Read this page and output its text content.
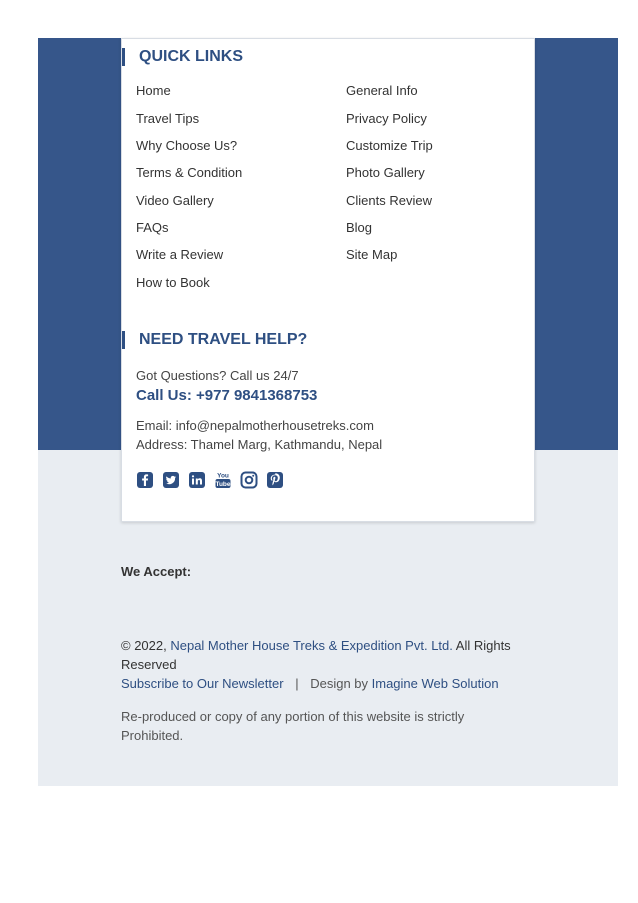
QUICK LINKS
Home
Travel Tips
Why Choose Us?
Terms & Condition
Video Gallery
FAQs
Write a Review
How to Book
General Info
Privacy Policy
Customize Trip
Photo Gallery
Clients Review
Blog
Site Map
NEED TRAVEL HELP?
Got Questions? Call us 24/7
Call Us: +977 9841368753
Email: info@nepalmotherhousetreks.com
Address: Thamel Marg, Kathmandu, Nepal
You
Tube
We Accept:
© 2022, Nepal Mother House Treks & Expedition Pvt. Ltd. All Rights Reserved
Subscribe to Our Newsletter | Design by Imagine Web Solution
Re-produced or copy of any portion of this website is strictly Prohibited.
